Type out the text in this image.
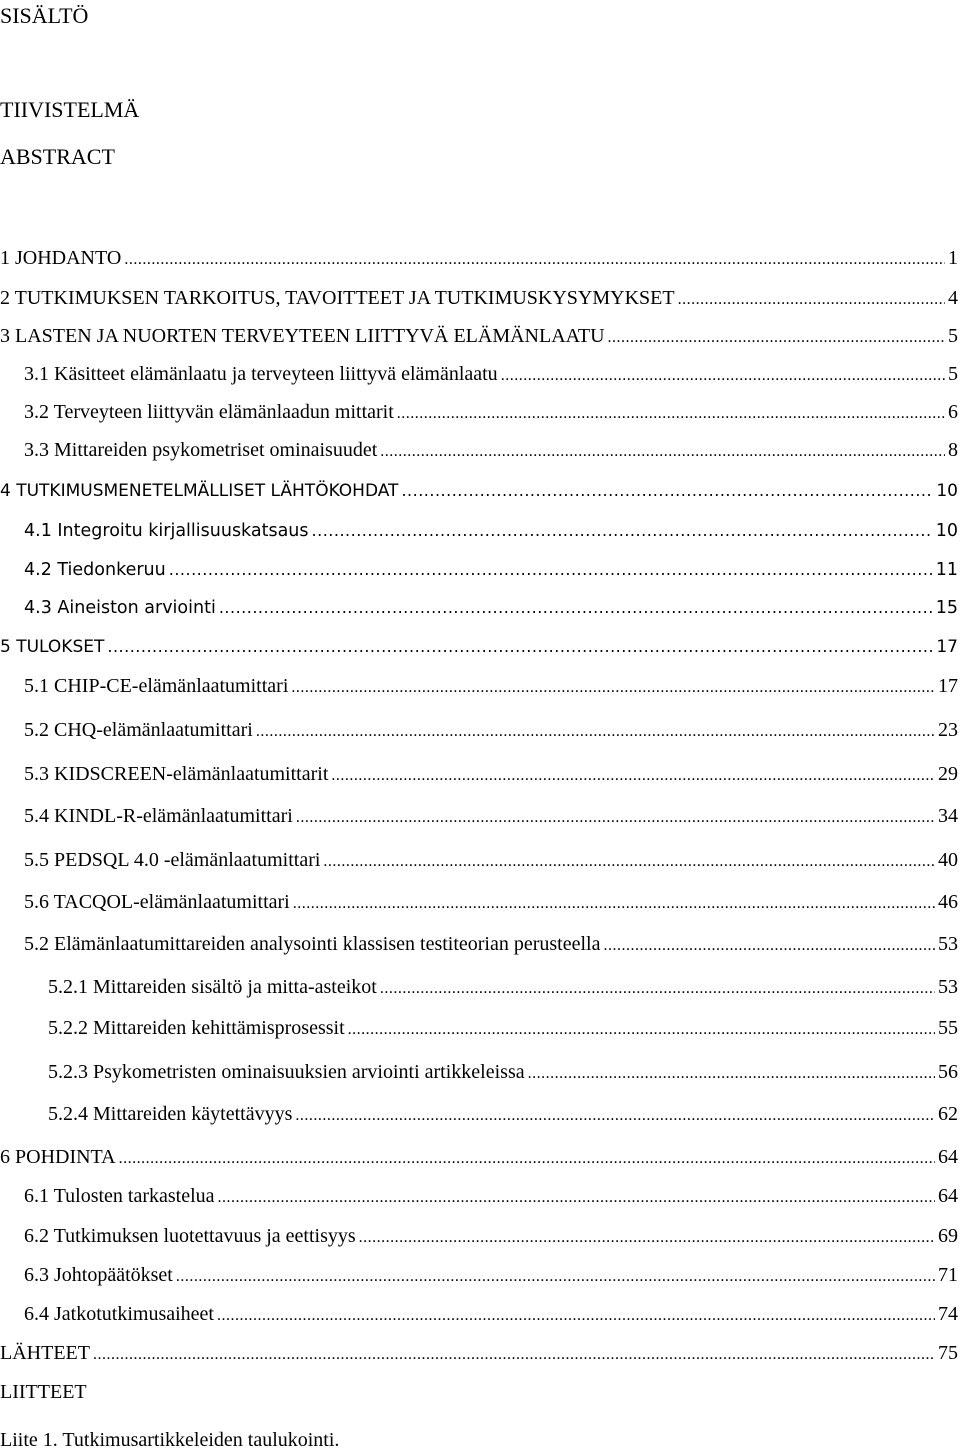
SISÄLTÖ
TIIVISTELMÄ
ABSTRACT
1 JOHDANTO .....	1
2 TUTKIMUKSEN TARKOITUS, TAVOITTEET JA TUTKIMUSKYSYMYKSET .....	4
3 LASTEN JA NUORTEN TERVEYTEEN LIITTYVÄ ELÄMÄNLAATU .....	5
3.1 Käsitteet elämänlaatu ja terveyteen liittyvä elämänlaatu .....	5
3.2 Terveyteen liittyvän elämänlaadun mittarit .....	6
3.3 Mittareiden psykometriset ominaisuudet .....	8
4 TUTKIMUSMENETELMÄLLISET LÄHTÖKOHDAT .....	10
4.1 Integroitu kirjallisuuskatsaus .....	10
4.2 Tiedonkeruu .....	11
4.3 Aineiston arviointi .....	15
5 TULOKSET .....	17
5.1 CHIP-CE-elämänlaatumittari .....	17
5.2 CHQ-elämänlaatumittari .....	23
5.3 KIDSCREEN-elämänlaatumittarit .....	29
5.4 KINDL-R-elämänlaatumittari .....	34
5.5 PEDSQL 4.0 -elämänlaatumittari .....	40
5.6 TACQOL-elämänlaatumittari .....	46
5.2 Elämänlaatumittareiden analysointi klassisen testiteorian perusteella .....	53
5.2.1 Mittareiden sisältö ja mitta-asteikot .....	53
5.2.2 Mittareiden kehittämisprosessit .....	55
5.2.3 Psykometristen ominaisuuksien arviointi artikkeleissa .....	56
5.2.4 Mittareiden käytettävyys .....	62
6 POHDINTA .....	64
6.1 Tulosten tarkastelua .....	64
6.2 Tutkimuksen luotettavuus ja eettisyys .....	69
6.3 Johtopäätökset .....	71
6.4 Jatkotutkimusaiheet .....	74
LÄHTEET .....	75
LIITTEET
Liite 1. Tutkimusartikkeleiden taulukointi.
